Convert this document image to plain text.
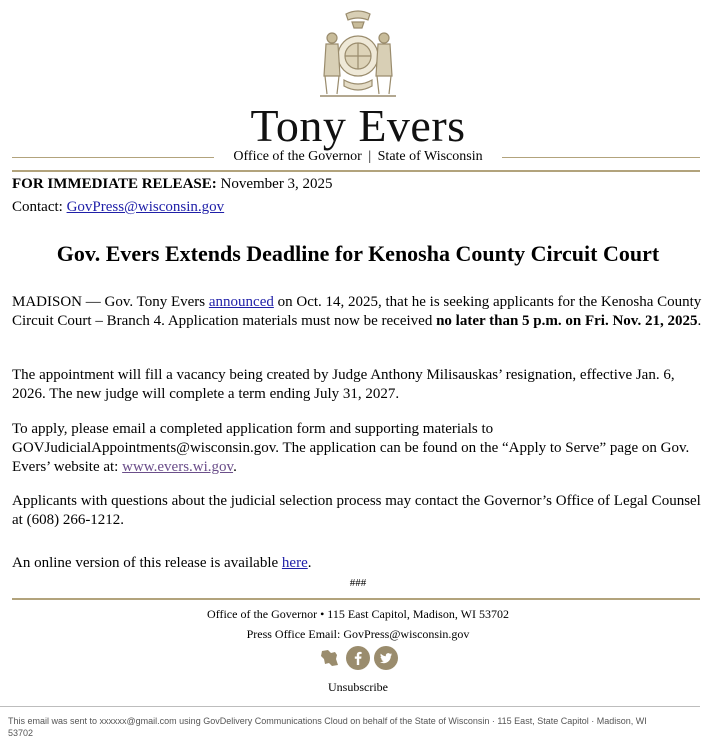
Tony Evers
Office of the Governor | State of Wisconsin
FOR IMMEDIATE RELEASE: November 3, 2025
Contact: GovPress@wisconsin.gov
Gov. Evers Extends Deadline for Kenosha County Circuit Court
MADISON — Gov. Tony Evers announced on Oct. 14, 2025, that he is seeking applicants for the Kenosha County Circuit Court – Branch 4. Application materials must now be received no later than 5 p.m. on Fri. Nov. 21, 2025.
The appointment will fill a vacancy being created by Judge Anthony Milisauskas’ resignation, effective Jan. 6, 2026. The new judge will complete a term ending July 31, 2027.
To apply, please email a completed application form and supporting materials to GOVJudicialAppointments@wisconsin.gov. The application can be found on the “Apply to Serve” page on Gov. Evers’ website at: www.evers.wi.gov.
Applicants with questions about the judicial selection process may contact the Governor’s Office of Legal Counsel at (608) 266-1212.
An online version of this release is available here.
###
Office of the Governor • 115 East Capitol, Madison, WI 53702
Press Office Email: GovPress@wisconsin.gov
Unsubscribe
This email was sent to xxxxxx@gmail.com using GovDelivery Communications Cloud on behalf of the State of Wisconsin · 115 East, State Capitol · Madison, WI 53702
